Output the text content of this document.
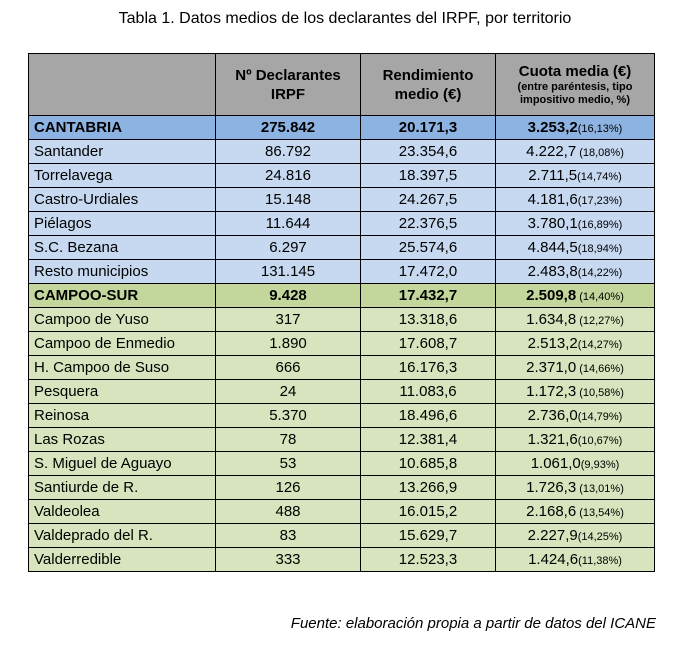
Tabla 1. Datos medios de los declarantes del IRPF, por territorio
	Nº Declarantes IRPF	Rendimiento medio (€)	Cuota media (€)
(entre paréntesis, tipo impositivo medio, %)

CANTABRIA	275.842	20.171,3	3.253,2(16,13%)
Santander	86.792	23.354,6	4.222,7 (18,08%)
Torrelavega	24.816	18.397,5	2.711,5(14,74%)
Castro-Urdiales	15.148	24.267,5	4.181,6(17,23%)
Piélagos	11.644	22.376,5	3.780,1(16,89%)
S.C. Bezana	6.297	25.574,6	4.844,5(18,94%)
Resto municipios	131.145	17.472,0	2.483,8(14,22%)
CAMPOO-SUR	9.428	17.432,7	2.509,8 (14,40%)
Campoo de Yuso	317	13.318,6	1.634,8 (12,27%)
Campoo de Enmedio	1.890	17.608,7	2.513,2(14,27%)
H. Campoo de Suso	666	16.176,3	2.371,0 (14,66%)
Pesquera	24	11.083,6	1.172,3 (10,58%)
Reinosa	5.370	18.496,6	2.736,0(14,79%)
Las Rozas	78	12.381,4	1.321,6(10,67%)
S. Miguel de Aguayo	53	10.685,8	1.061,0(9,93%)
Santiurde de R.	126	13.266,9	1.726,3 (13,01%)
Valdeolea	488	16.015,2	2.168,6 (13,54%)
Valdeprado del R.	83	15.629,7	2.227,9(14,25%)
Valderredible	333	12.523,3	1.424,6(11,38%)
Fuente: elaboración propia a partir de datos del ICANE
